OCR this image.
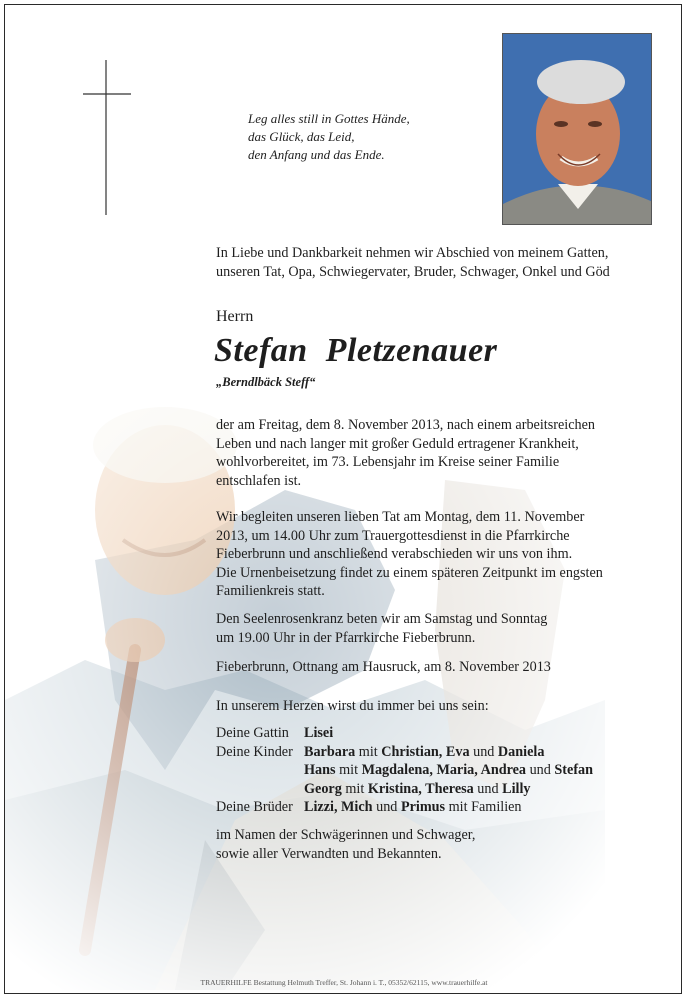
Leg alles still in Gottes Hände,
das Glück, das Leid,
den Anfang und das Ende.
In Liebe und Dankbarkeit nehmen wir Abschied von meinem Gatten,
unseren Tat, Opa, Schwiegervater, Bruder, Schwager, Onkel und Göd
Herrn
Stefan  Pletzenauer
„Berndlbäck Steff“
der am Freitag, dem 8. November 2013, nach einem arbeitsreichen
Leben und nach langer mit großer Geduld ertragener Krankheit,
wohlvorbereitet, im 73. Lebensjahr im Kreise seiner Familie
entschlafen ist.
Wir begleiten unseren lieben Tat am Montag, dem 11. November
2013, um 14.00 Uhr zum Trauergottesdienst in die Pfarrkirche
Fieberbrunn und anschließend verabschieden wir uns von ihm.
Die Urnenbeisetzung findet zu einem späteren Zeitpunkt im engsten
Familienkreis statt.
Den Seelenrosenkranz beten wir am Samstag und Sonntag
um 19.00 Uhr in der Pfarrkirche Fieberbrunn.
Fieberbrunn, Ottnang am Hausruck, am 8. November 2013
In unserem Herzen wirst du immer bei uns sein:
Deine Gattin	Lisei
Deine Kinder Barbara mit Christian, Eva und Daniela
Hans mit Magdalena, Maria, Andrea und Stefan
Georg mit Kristina, Theresa und Lilly
Deine Brüder Lizzi, Mich und Primus mit Familien
im Namen der Schwägerinnen und Schwager,
sowie aller Verwandten und Bekannten.
TRAUERHILFE Bestattung Helmuth Treffer, St. Johann i. T., 05352/62115, www.trauerhilfe.at
